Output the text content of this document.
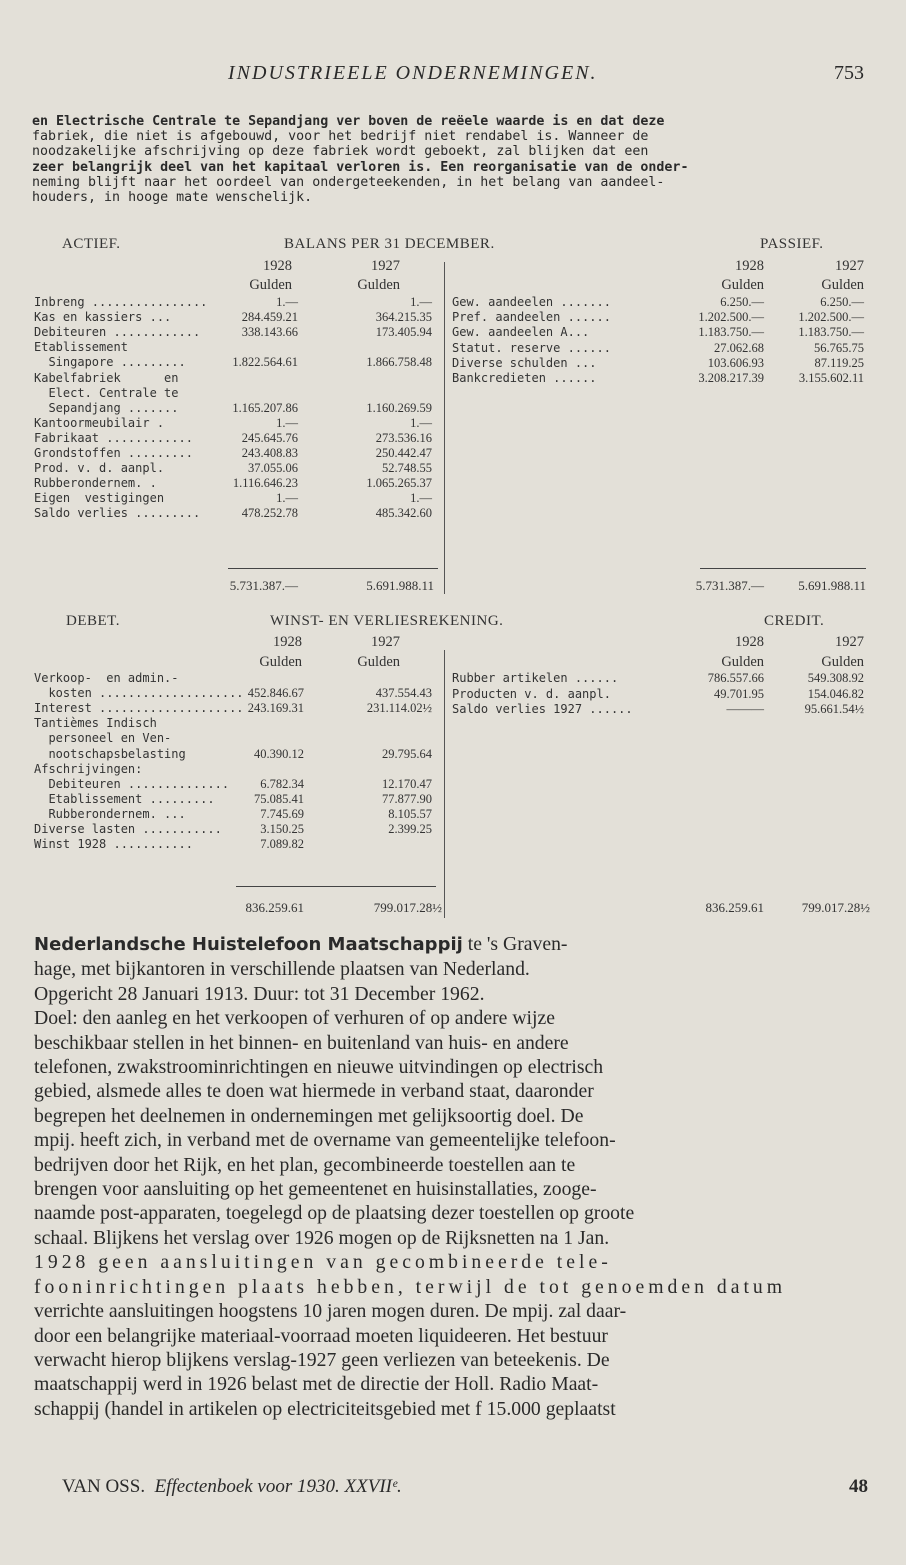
INDUSTRIEELE ONDERNEMINGEN.	753
en Electrische Centrale te Sepandjang ver boven de reëele waarde is en dat deze
fabriek, die niet is afgebouwd, voor het bedrijf niet rendabel is. Wanneer de
noodzakelijke afschrijving op deze fabriek wordt geboekt, zal blijken dat een
zeer belangrijk deel van het kapitaal verloren is. Een reorganisatie van de onder-
neming blijft naar het oordeel van ondergeteekenden, in het belang van aandeel-
houders, in hooge mate wenschelijk.
ACTIEF.	BALANS PER 31 DECEMBER.	PASSIEF.
1928	1927
Gulden	Gulden
1928	1927
Gulden	Gulden
Inbreng ................	1.—	1.—
Kas en kassiers ...	284.459.21	364.215.35
Debiteuren ............	338.143.66	173.405.94
Etablissement
Singapore .........	1.822.564.61	1.866.758.48
Kabelfabriek      en
Elect. Centrale te
Sepandjang .......	1.165.207.86	1.160.269.59
Kantoormeubilair .	1.—	1.—
Fabrikaat ............	245.645.76	273.536.16
Grondstoffen .........	243.408.83	250.442.47
Prod. v. d. aanpl.	37.055.06	52.748.55
Rubberondernem. .	1.116.646.23	1.065.265.37
Eigen  vestigingen	1.—	1.—
Saldo verlies .........	478.252.78	485.342.60
Gew. aandeelen .......	6.250.—	6.250.—
Pref. aandeelen ......	1.202.500.—	1.202.500.—
Gew. aandeelen A...	1.183.750.—	1.183.750.—
Statut. reserve ......	27.062.68	56.765.75
Diverse schulden ...	103.606.93	87.119.25
Bankcredieten ......	3.208.217.39	3.155.602.11
5.731.387.—	5.691.988.11	5.731.387.—	5.691.988.11
DEBET.	WINST- EN VERLIESREKENING.	CREDIT.
1928	1927
Gulden	Gulden
1928	1927
Gulden	Gulden
Verkoop-  en admin.-
kosten .................... 452.846.67	437.554.43
Interest .................... 243.169.31	231.114.02½
Tantièmes Indisch
personeel en Ven-
nootschapsbelasting	40.390.12	29.795.64
Afschrijvingen:
Debiteuren ..............	6.782.34	12.170.47
Etablissement .........	75.085.41	77.877.90
Rubberondernem. ...	7.745.69	8.105.57
Diverse lasten ...........	3.150.25	2.399.25
Winst 1928 ...........	7.089.82
Rubber artikelen ......	786.557.66	549.308.92
Producten v. d. aanpl.	49.701.95	154.046.82
Saldo verlies 1927 ......	———	95.661.54½
836.259.61	799.017.28½	836.259.61	799.017.28½
Nederlandsche Huistelefoon Maatschappij te 's Graven-
hage, met bijkantoren in verschillende plaatsen van Nederland.
Opgericht 28 Januari 1913. Duur: tot 31 December 1962.
Doel: den aanleg en het verkoopen of verhuren of op andere wijze
beschikbaar stellen in het binnen- en buitenland van huis- en andere
telefonen, zwakstroominrichtingen en nieuwe uitvindingen op electrisch
gebied, alsmede alles te doen wat hiermede in verband staat, daaronder
begrepen het deelnemen in ondernemingen met gelijksoortig doel. De
mpij. heeft zich, in verband met de overname van gemeentelijke telefoon-
bedrijven door het Rijk, en het plan, gecombineerde toestellen aan te
brengen voor aansluiting op het gemeentenet en huisinstallaties, zooge-
naamde post-apparaten, toegelegd op de plaatsing dezer toestellen op groote
schaal. Blijkens het verslag over 1926 mogen op de Rijksnetten na 1 Jan.
1928 geen aansluitingen van gecombineerde tele-
fooninrichtingen plaats hebben, terwijl de tot genoemden datum
verrichte aansluitingen hoogstens 10 jaren mogen duren. De mpij. zal daar-
door een belangrijke materiaal-voorraad moeten liquideeren. Het bestuur
verwacht hierop blijkens verslag-1927 geen verliezen van beteekenis. De
maatschappij werd in 1926 belast met de directie der Holl. Radio Maat-
schappij (handel in artikelen op electriciteitsgebied met f 15.000 geplaatst
VAN OSS. Effectenboek voor 1930. XXVIIᵉ.	48
